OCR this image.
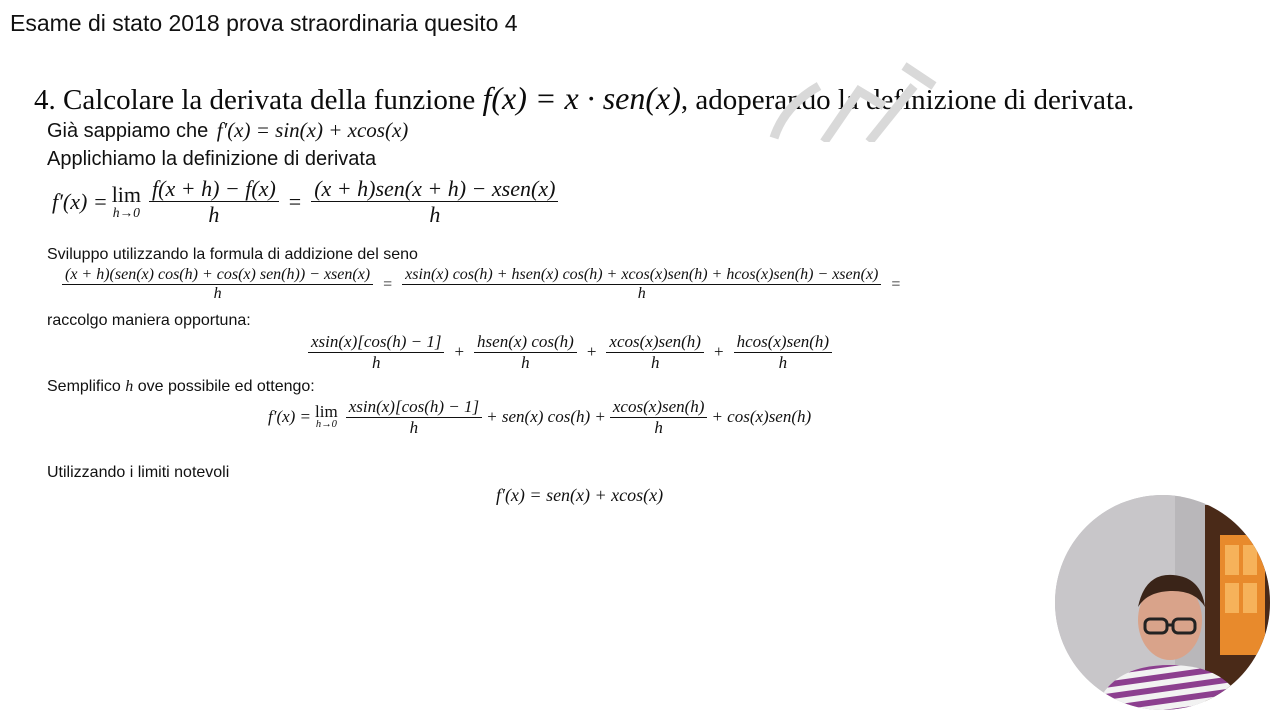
Esame di stato 2018 prova straordinaria quesito 4
4. Calcolare la derivata della funzione f(x) = x · sen(x), adoperando la definizione di derivata.
Già sappiamo che f′(x) = sin(x) + xcos(x)
Applichiamo la definizione di derivata
f′(x) = lim
$h\to 0 \frac{f(x + h) - f(x)}{h} = \frac{\text{(x + h)sen(x + h) − xsen(x)}}{h}$
Sviluppo utilizzando la formula di addizione del seno
$\frac{\text{(x + h)(sen(x) cos(h) + cos(x) sen(h)) − xsen(x)}}{h}$ =
xsin(x) cos(h) + hsen(x) cos(h) + xcos(x)sen(h) + hcos(x)sen(h) − xsen(x)
h
=
raccolgo maniera opportuna:
$\frac{xsin(x)[\cos(h) - 1]}{h} + \frac{\text{hsen(x) cos(h)}}{h} + \frac{\text{xcos(x)sen(h)}}{h} + \frac{\text{hcos(x)sen(h)}}{h}$
Semplifico h ove possibile ed ottengo:
f′(x) = lim
$h\to 0 \frac{xsin(x)[\cos(h) - 1]}{h} + sen(x) \cos(h) + \frac{\text{xcos(x)sen(h)}}{h} + \cos(x)sen(h)$
Utilizzando i limiti notevoli
f′(x) = sen(x) + xcos(x)
